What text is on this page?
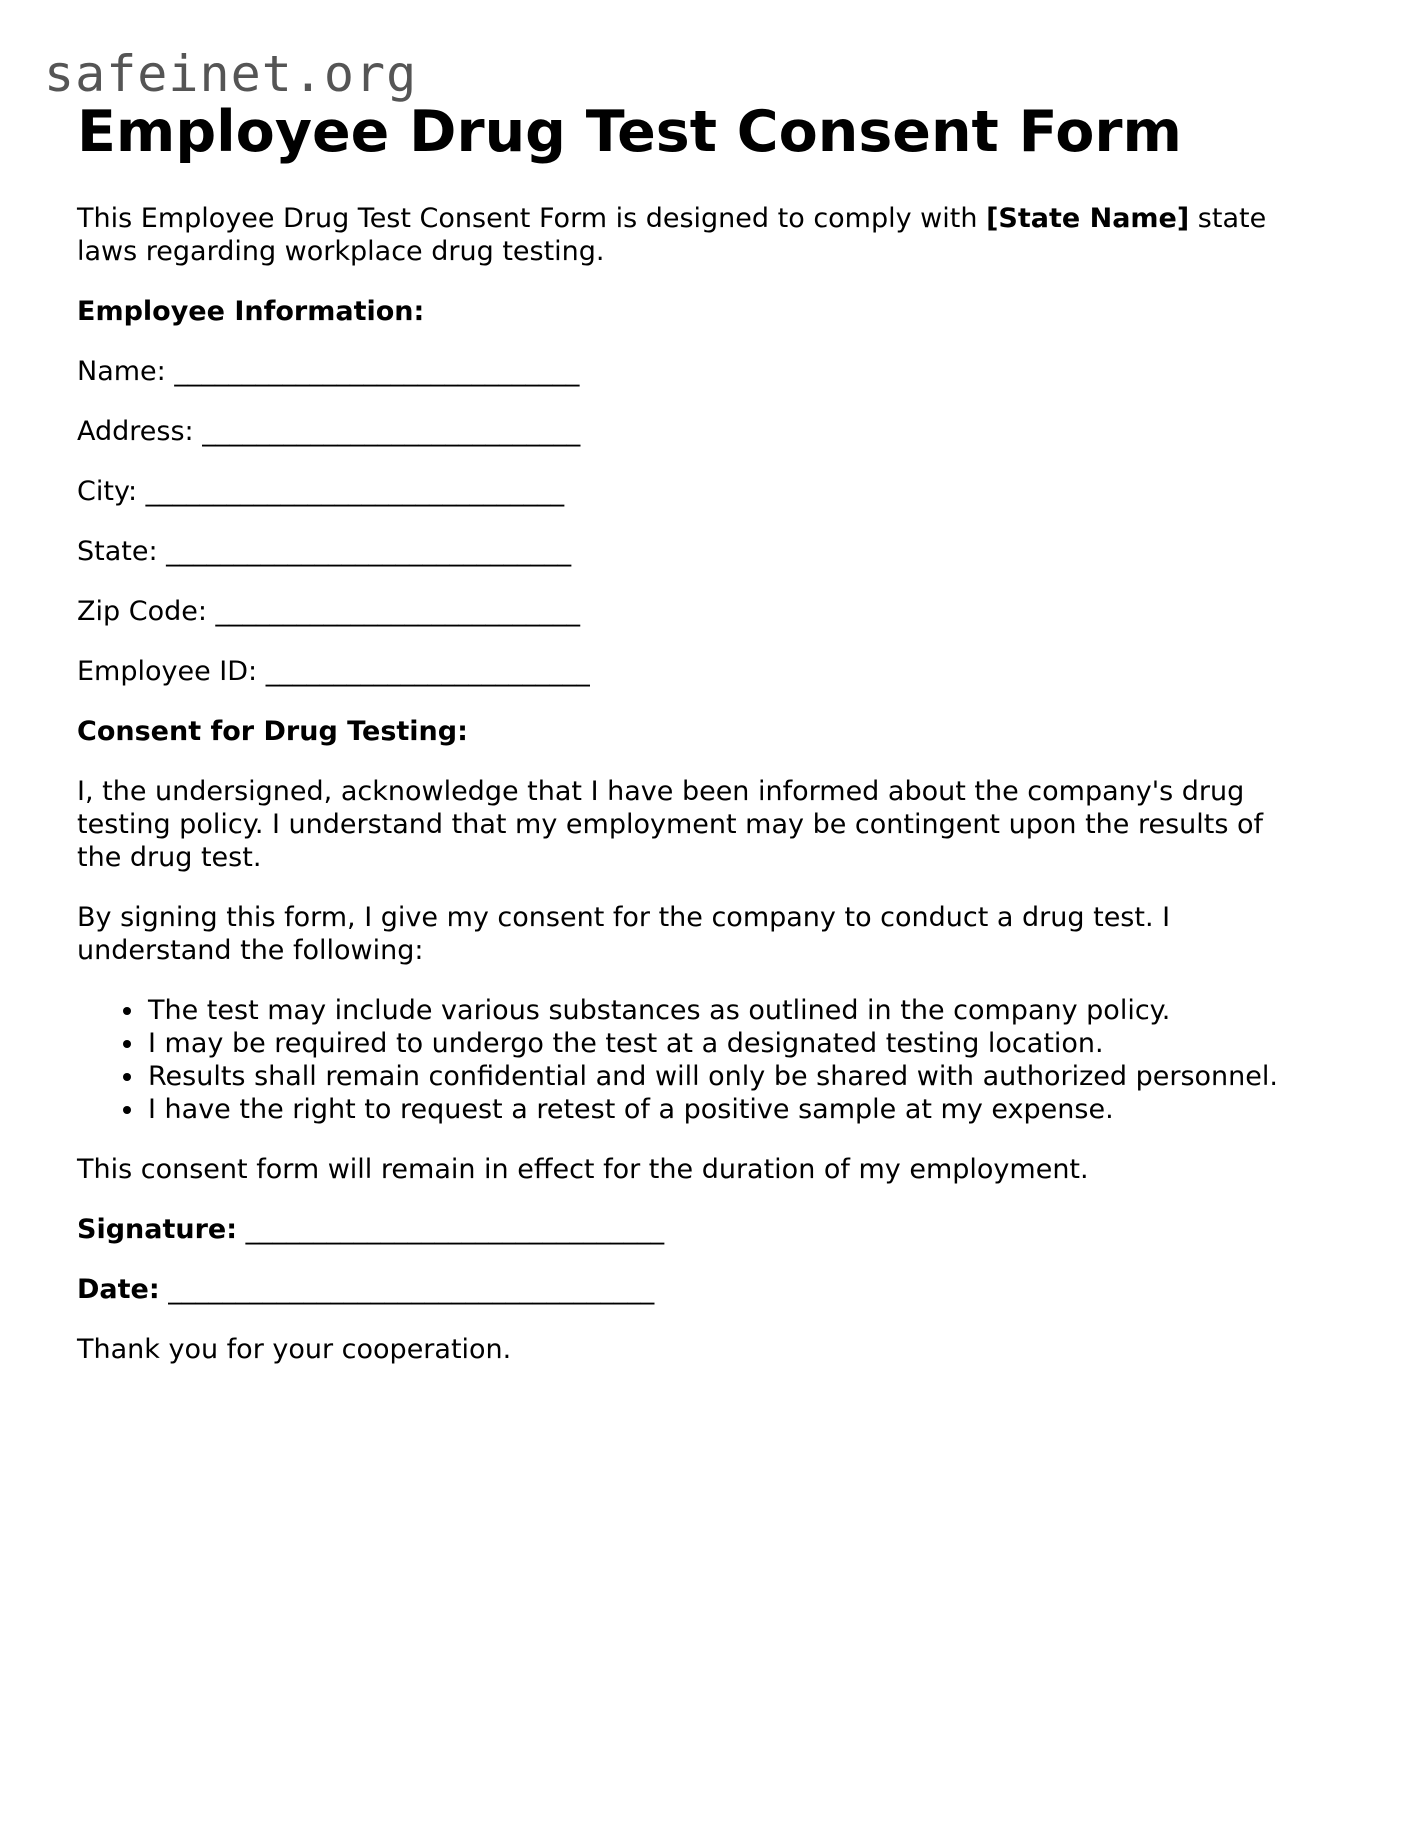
safeinet.org
Employee Drug Test Consent Form

This Employee Drug Test Consent Form is designed to comply with [State Name] state laws regarding workplace drug testing.

Employee Information:

Name: ______________________________

Address: ____________________________

City: _______________________________

State: ______________________________

Zip Code: ___________________________

Employee ID: ________________________

Consent for Drug Testing:

I, the undersigned, acknowledge that I have been informed about the company's drug testing policy. I understand that my employment may be contingent upon the results of the drug test.

By signing this form, I give my consent for the company to conduct a drug test. I understand the following:

• The test may include various substances as outlined in the company policy.
• I may be required to undergo the test at a designated testing location.
• Results shall remain confidential and will only be shared with authorized personnel.
• I have the right to request a retest of a positive sample at my expense.

This consent form will remain in effect for the duration of my employment.

Signature: _______________________________

Date: ____________________________________

Thank you for your cooperation.
